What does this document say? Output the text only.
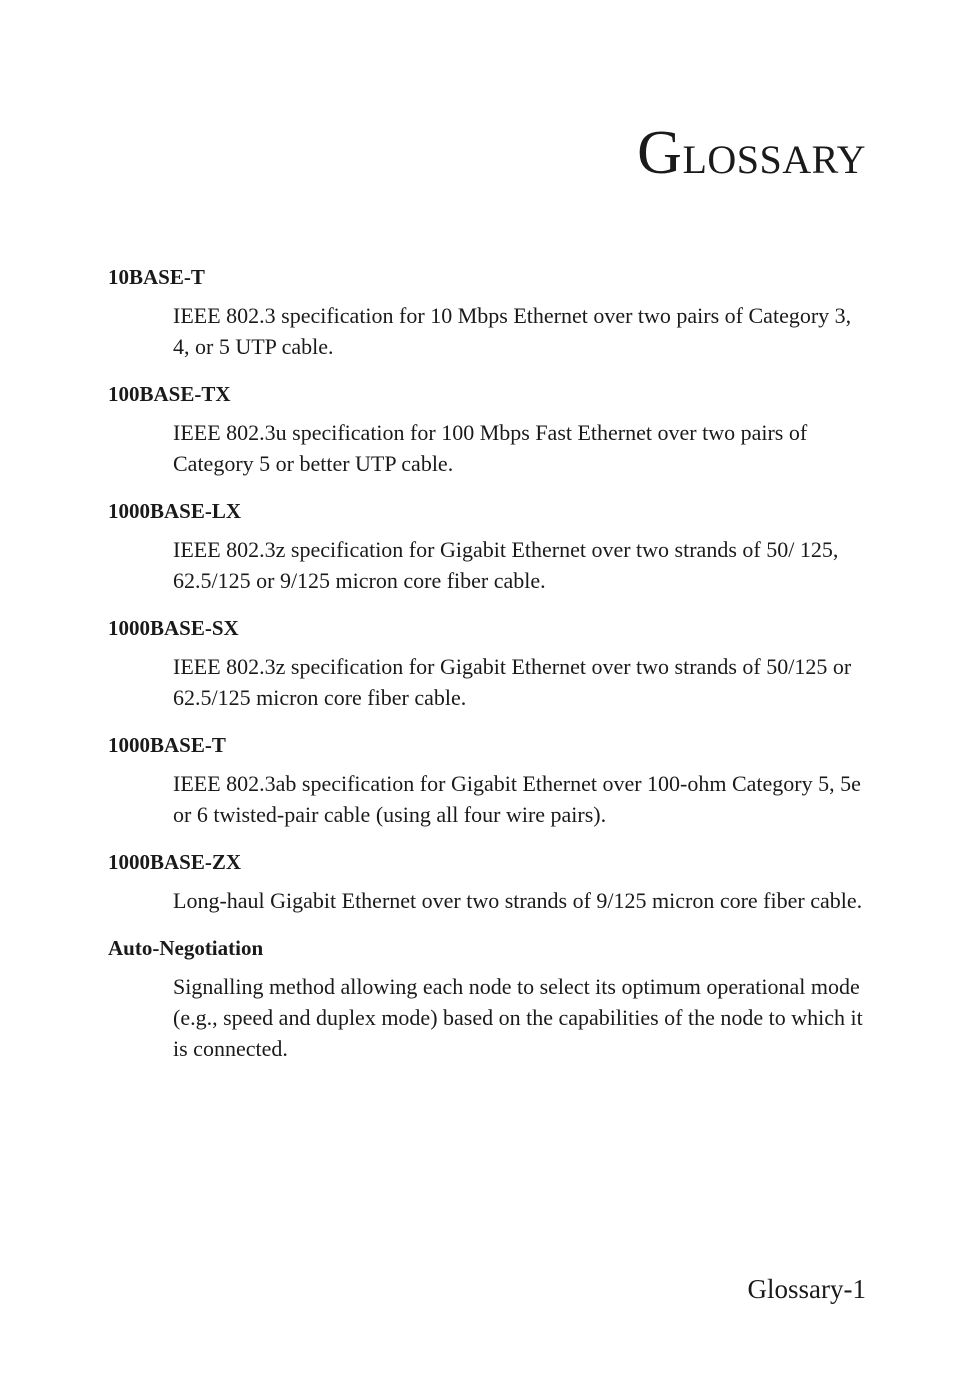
GLOSSARY

10BASE-T

IEEE 802.3 specification for 10 Mbps Ethernet over two pairs of Category 3, 4, or 5 UTP cable.

100BASE-TX

IEEE 802.3u specification for 100 Mbps Fast Ethernet over two pairs of Category 5 or better UTP cable.

1000BASE-LX

IEEE 802.3z specification for Gigabit Ethernet over two strands of 50/ 125, 62.5/125 or 9/125 micron core fiber cable.

1000BASE-SX

IEEE 802.3z specification for Gigabit Ethernet over two strands of 50/125 or 62.5/125 micron core fiber cable.

1000BASE-T

IEEE 802.3ab specification for Gigabit Ethernet over 100-ohm Category 5, 5e or 6 twisted-pair cable (using all four wire pairs).

1000BASE-ZX

Long-haul Gigabit Ethernet over two strands of 9/125 micron core fiber cable.

Auto-Negotiation

Signalling method allowing each node to select its optimum operational mode (e.g., speed and duplex mode) based on the capabilities of the node to which it is connected.

Glossary-1
